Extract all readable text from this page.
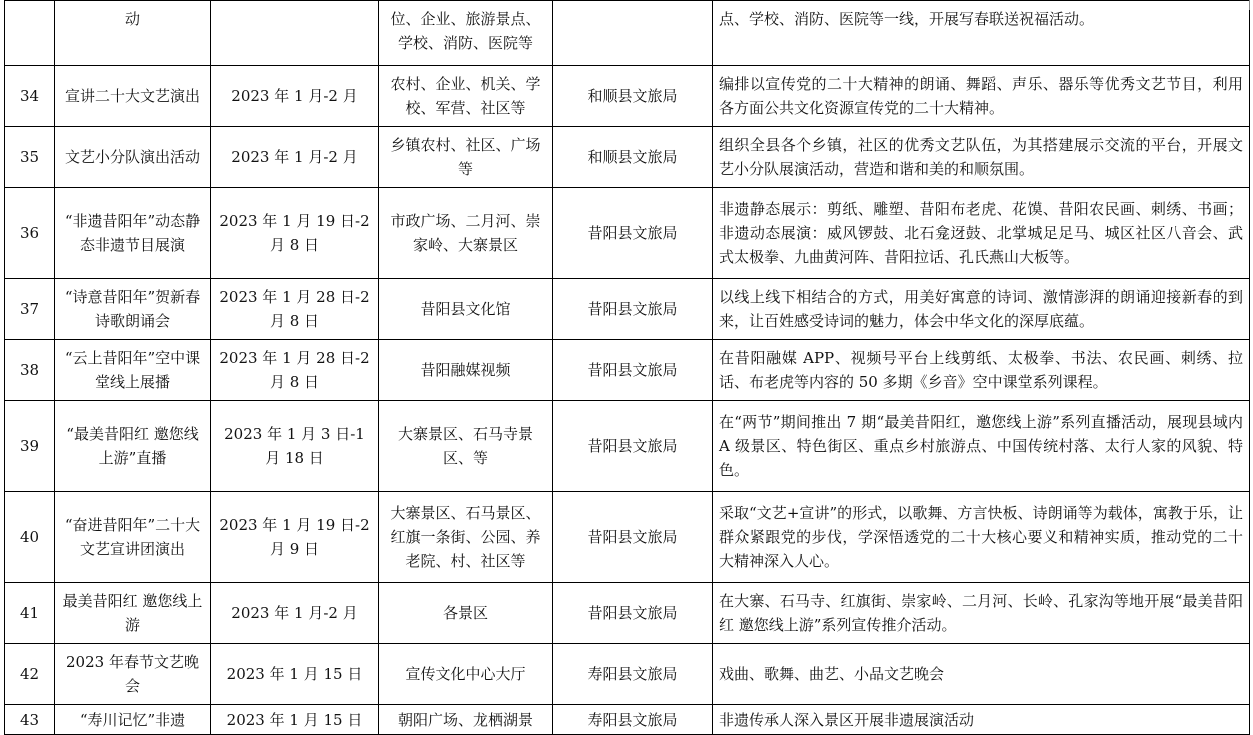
	动		位、企业、旅游景点、学校、消防、医院等		点、学校、消防、医院等一线，开展写春联送祝福活动。
34	宣讲二十大文艺演出	2023 年 1 月-2 月	农村、企业、机关、学校、军营、社区等	和顺县文旅局	编排以宣传党的二十大精神的朗诵、舞蹈、声乐、器乐等优秀文艺节目，利用各方面公共文化资源宣传党的二十大精神。
35	文艺小分队演出活动	2023 年 1 月-2 月	乡镇农村、社区、广场等	和顺县文旅局	组织全县各个乡镇，社区的优秀文艺队伍，为其搭建展示交流的平台，开展文艺小分队展演活动，营造和谐和美的和顺氛围。
36	“非遗昔阳年”动态静态非遗节目展演	2023 年 1 月 19 日-2 月 8 日	市政广场、二月河、崇家岭、大寨景区	昔阳县文旅局	非遗静态展示：剪纸、雕塑、昔阳布老虎、花馍、昔阳农民画、刺绣、书画；非遗动态展演：威风锣鼓、北石龛迓鼓、北掌城足足马、城区社区八音会、武式太极拳、九曲黄河阵、昔阳拉话、孔氏燕山大板等。
37	“诗意昔阳年”贺新春诗歌朗诵会	2023 年 1 月 28 日-2 月 8 日	昔阳县文化馆	昔阳县文旅局	以线上线下相结合的方式，用美好寓意的诗词、激情澎湃的朗诵迎接新春的到来，让百姓感受诗词的魅力，体会中华文化的深厚底蕴。
38	“云上昔阳年”空中课堂线上展播	2023 年 1 月 28 日-2 月 8 日	昔阳融媒视频	昔阳县文旅局	在昔阳融媒 APP、视频号平台上线剪纸、太极拳、书法、农民画、刺绣、拉话、布老虎等内容的 50 多期《乡音》空中课堂系列课程。
39	“最美昔阳红 邀您线上游”直播	2023 年 1 月 3 日-1 月 18 日	大寨景区、石马寺景区、等	昔阳县文旅局	在“两节”期间推出 7 期“最美昔阳红，邀您线上游”系列直播活动，展现县域内 A 级景区、特色街区、重点乡村旅游点、中国传统村落、太行人家的风貌、特色。
40	“奋进昔阳年”二十大文艺宣讲团演出	2023 年 1 月 19 日-2 月 9 日	大寨景区、石马景区、红旗一条街、公园、养老院、村、社区等	昔阳县文旅局	采取“文艺+宣讲”的形式，以歌舞、方言快板、诗朗诵等为载体，寓教于乐，让群众紧跟党的步伐，学深悟透党的二十大核心要义和精神实质，推动党的二十大精神深入人心。
41	最美昔阳红 邀您线上游	2023 年 1 月-2 月	各景区	昔阳县文旅局	在大寨、石马寺、红旗街、崇家岭、二月河、长岭、孔家沟等地开展“最美昔阳红 邀您线上游”系列宣传推介活动。
42	2023 年春节文艺晚会	2023 年 1 月 15 日	宣传文化中心大厅	寿阳县文旅局	戏曲、歌舞、曲艺、小品文艺晚会
43	“寿川记忆”非遗	2023 年 1 月 15 日	朝阳广场、龙栖湖景	寿阳县文旅局	非遗传承人深入景区开展非遗展演活动
